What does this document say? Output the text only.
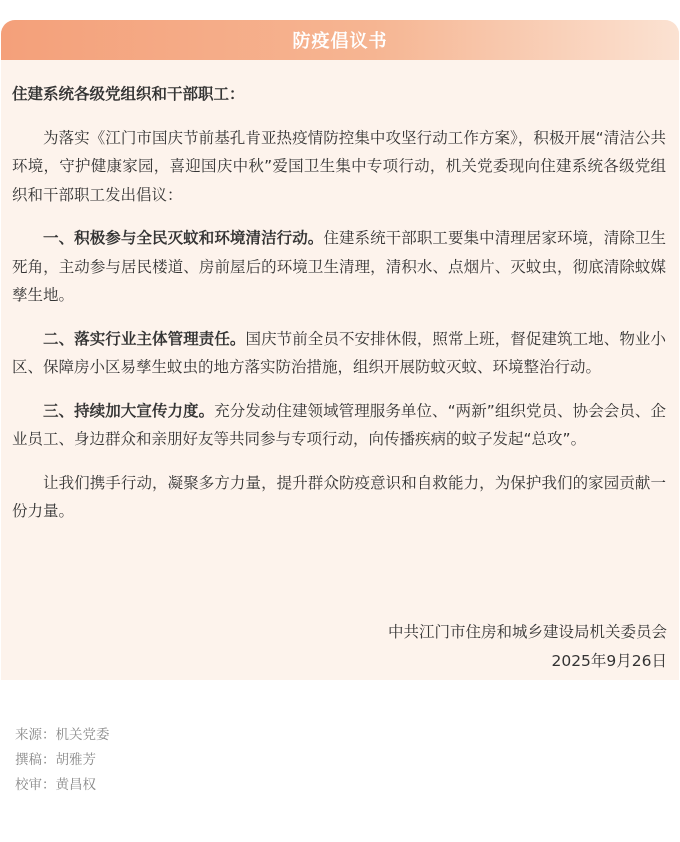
防疫倡议书

住建系统各级党组织和干部职工：

为落实《江门市国庆节前基孔肯亚热疫情防控集中攻坚行动工作方案》，积极开展“清洁公共环境，守护健康家园，喜迎国庆中秋”爱国卫生集中专项行动，机关党委现向住建系统各级党组织和干部职工发出倡议：

一、积极参与全民灭蚊和环境清洁行动。住建系统干部职工要集中清理居家环境，清除卫生死角，主动参与居民楼道、房前屋后的环境卫生清理，清积水、点烟片、灭蚊虫，彻底清除蚊媒孳生地。

二、落实行业主体管理责任。国庆节前全员不安排休假，照常上班，督促建筑工地、物业小区、保障房小区易孳生蚊虫的地方落实防治措施，组织开展防蚊灭蚊、环境整治行动。

三、持续加大宣传力度。充分发动住建领域管理服务单位、“两新”组织党员、协会会员、企业员工、身边群众和亲朋好友等共同参与专项行动，向传播疾病的蚊子发起“总攻”。

让我们携手行动，凝聚多方力量，提升群众防疫意识和自救能力，为保护我们的家园贡献一份力量。

中共江门市住房和城乡建设局机关委员会
2025年9月26日
来源：机关党委
撰稿：胡雅芳
校审：黄昌权
